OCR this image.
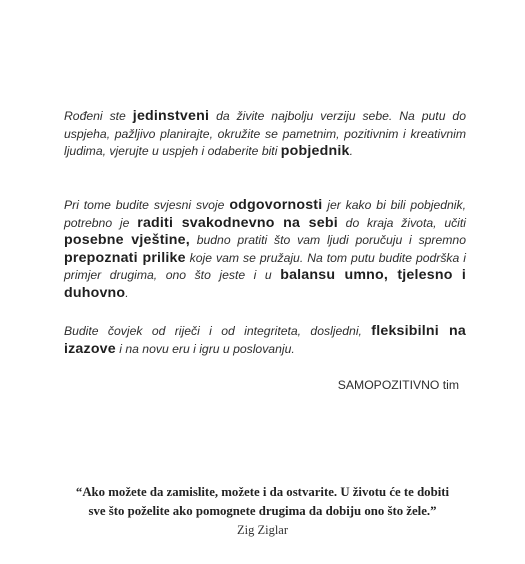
Rođeni ste jedinstveni da živite najbolju verziju sebe. Na putu do uspjeha, pažljivo planirajte, okružite se pametnim, pozitivnim i kreativnim ljudima, vjerujte u uspjeh i odaberite biti pobjednik.
Pri tome budite svjesni svoje odgovornosti jer kako bi bili pobjednik, potrebno je raditi svakodnevno na sebi do kraja života, učiti posebne vještine, budno pratiti što vam ljudi poručuju i spremno prepoznati prilike koje vam se pružaju. Na tom putu budite podrška i primjer drugima, ono što jeste i u balansu umno, tjelesno i duhovno.
Budite čovjek od riječi i od integriteta, dosljedni, fleksibilni na izazove i na novu eru i igru u poslovanju.
SAMOPOZITIVNO tim
“Ako možete da zamislite, možete i da ostvarite. U životu će te dobiti
sve što poželite ako pomognete drugima da dobiju ono što žele.”
Zig Ziglar
